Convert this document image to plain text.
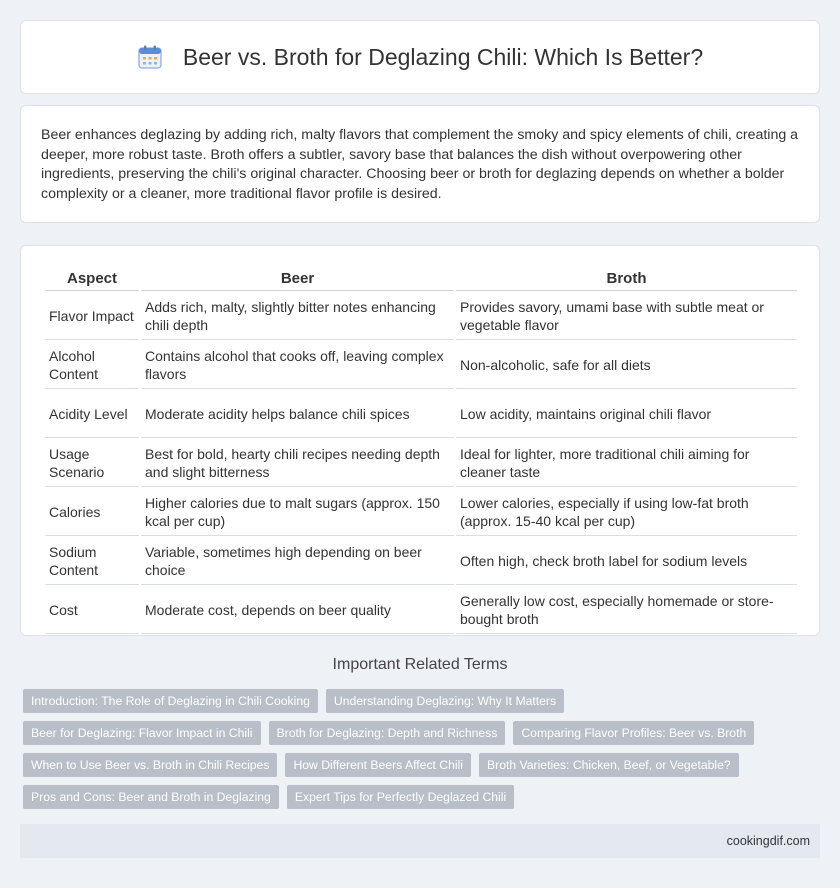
Beer vs. Broth for Deglazing Chili: Which Is Better?

Beer enhances deglazing by adding rich, malty flavors that complement the smoky and spicy elements of chili, creating a deeper, more robust taste. Broth offers a subtler, savory base that balances the dish without overpowering other ingredients, preserving the chili's original character. Choosing beer or broth for deglazing depends on whether a bolder complexity or a cleaner, more traditional flavor profile is desired.

Aspect	Beer	Broth
Flavor Impact	Adds rich, malty, slightly bitter notes enhancing chili depth	Provides savory, umami base with subtle meat or vegetable flavor
Alcohol Content	Contains alcohol that cooks off, leaving complex flavors	Non-alcoholic, safe for all diets
Acidity Level	Moderate acidity helps balance chili spices	Low acidity, maintains original chili flavor
Usage Scenario	Best for bold, hearty chili recipes needing depth and slight bitterness	Ideal for lighter, more traditional chili aiming for cleaner taste
Calories	Higher calories due to malt sugars (approx. 150 kcal per cup)	Lower calories, especially if using low-fat broth (approx. 15-40 kcal per cup)
Sodium Content	Variable, sometimes high depending on beer choice	Often high, check broth label for sodium levels
Cost	Moderate cost, depends on beer quality	Generally low cost, especially homemade or store-bought broth
Important Related Terms
Introduction: The Role of Deglazing in Chili Cooking	Understanding Deglazing: Why It Matters
Beer for Deglazing: Flavor Impact in Chili	Broth for Deglazing: Depth and Richness	Comparing Flavor Profiles: Beer vs. Broth
When to Use Beer vs. Broth in Chili Recipes	How Different Beers Affect Chili	Broth Varieties: Chicken, Beef, or Vegetable?
Pros and Cons: Beer and Broth in Deglazing	Expert Tips for Perfectly Deglazed Chili
cookingdif.com
